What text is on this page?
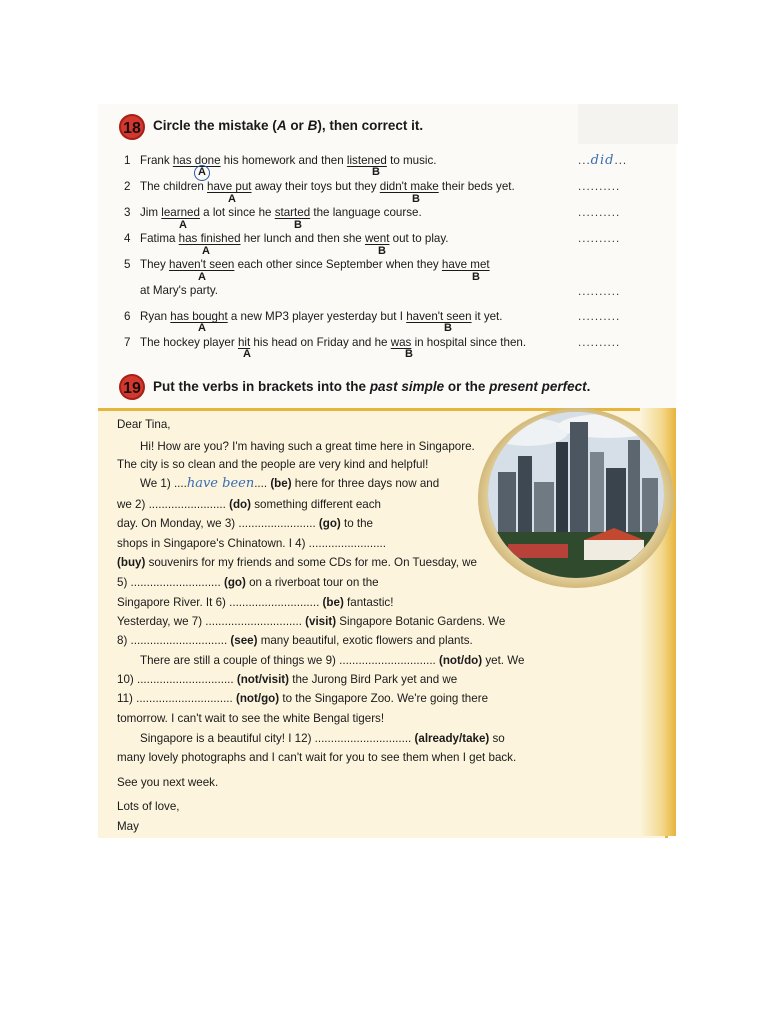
18 Circle the mistake (A or B), then correct it.
1 Frank has done his homework and then listened to music.
A	B
...did...
2 The children have put away their toys but they didn't make their beds yet.
A	B
..........
3 Jim learned a lot since he started the language course.
A	B
..........
4 Fatima has finished her lunch and then she went out to play.
A	B
..........
5 They haven't seen each other since September when they have met
A	B
at Mary's party.	..........
6 Ryan has bought a new MP3 player yesterday but I haven't seen it yet.
A	B
..........
7 The hockey player hit his head on Friday and he was in hospital since then.
A	B
..........
19 Put the verbs in brackets into the past simple or the present perfect.
Dear Tina,
Hi! How are you? I'm having such a great time here in Singapore.
The city is so clean and the people are very kind and helpful!
We 1) ....have been.... (be) here for three days now and
we 2) ........................ (do) something different each
day. On Monday, we 3) ........................ (go) to the
shops in Singapore's Chinatown. I 4) ........................
(buy) souvenirs for my friends and some CDs for me. On Tuesday, we
5) ............................ (go) on a riverboat tour on the
Singapore River. It 6) ............................ (be) fantastic!
Yesterday, we 7) .............................. (visit) Singapore Botanic Gardens. We
8) .............................. (see) many beautiful, exotic flowers and plants.
There are still a couple of things we 9) .............................. (not/do) yet. We
10) .............................. (not/visit) the Jurong Bird Park yet and we
11) .............................. (not/go) to the Singapore Zoo. We're going there
tomorrow. I can't wait to see the white Bengal tigers!
Singapore is a beautiful city! I 12) .............................. (already/take) so
many lovely photographs and I can't wait for you to see them when I get back.
See you next week.
Lots of love,
May
